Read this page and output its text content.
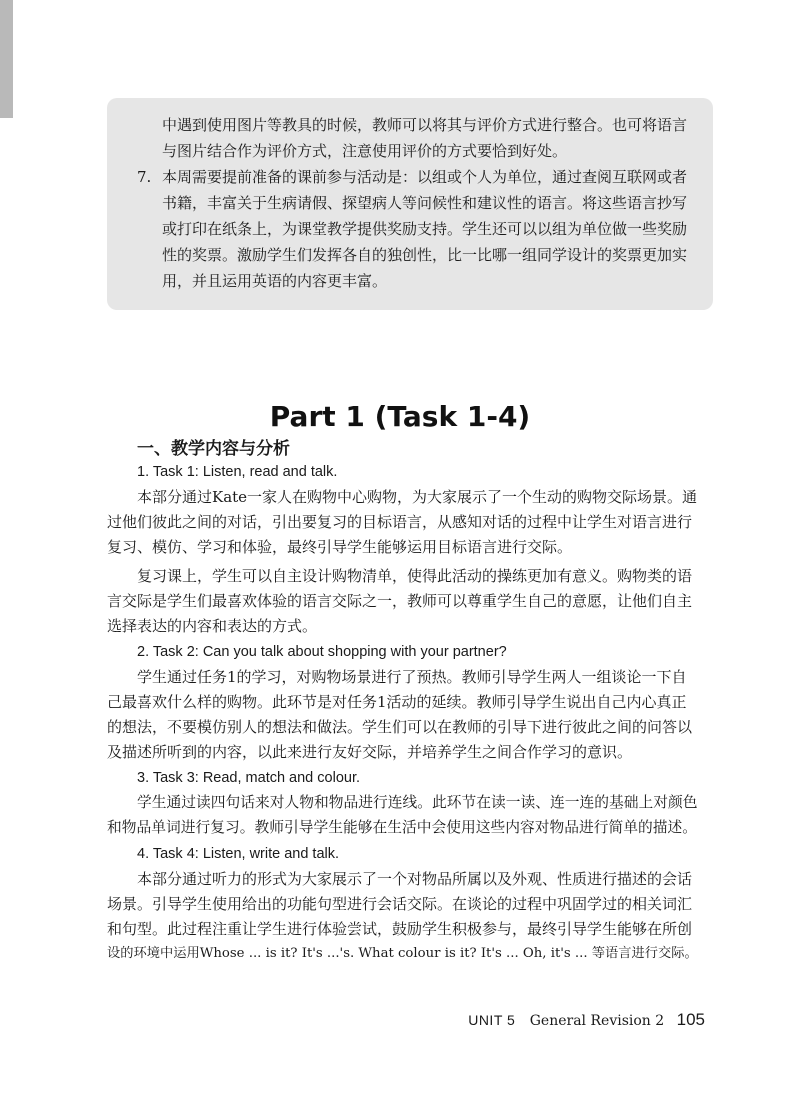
中遇到使用图片等教具的时候，教师可以将其与评价方式进行整合。也可将语言
与图片结合作为评价方式，注意使用评价的方式要恰到好处。
7. 本周需要提前准备的课前参与活动是：以组或个人为单位，通过查阅互联网或者
书籍，丰富关于生病请假、探望病人等问候性和建议性的语言。将这些语言抄写
或打印在纸条上，为课堂教学提供奖励支持。学生还可以以组为单位做一些奖励
性的奖票。激励学生们发挥各自的独创性，比一比哪一组同学设计的奖票更加实
用，并且运用英语的内容更丰富。
Part 1 (Task 1-4)
一、教学内容与分析
1. Task 1: Listen, read and talk.
本部分通过Kate一家人在购物中心购物，为大家展示了一个生动的购物交际场景。通
过他们彼此之间的对话，引出要复习的目标语言，从感知对话的过程中让学生对语言进行
复习、模仿、学习和体验，最终引导学生能够运用目标语言进行交际。
复习课上，学生可以自主设计购物清单，使得此活动的操练更加有意义。购物类的语
言交际是学生们最喜欢体验的语言交际之一，教师可以尊重学生自己的意愿，让他们自主
选择表达的内容和表达的方式。
2. Task 2: Can you talk about shopping with your partner?
学生通过任务1的学习，对购物场景进行了预热。教师引导学生两人一组谈论一下自
己最喜欢什么样的购物。此环节是对任务1活动的延续。教师引导学生说出自己内心真正
的想法，不要模仿别人的想法和做法。学生们可以在教师的引导下进行彼此之间的问答以
及描述所听到的内容，以此来进行友好交际，并培养学生之间合作学习的意识。
3. Task 3: Read, match and colour.
学生通过读四句话来对人物和物品进行连线。此环节在读一读、连一连的基础上对颜色
和物品单词进行复习。教师引导学生能够在生活中会使用这些内容对物品进行简单的描述。
4. Task 4: Listen, write and talk.
本部分通过听力的形式为大家展示了一个对物品所属以及外观、性质进行描述的会话
场景。引导学生使用给出的功能句型进行会话交际。在谈论的过程中巩固学过的相关词汇
和句型。此过程注重让学生进行体验尝试，鼓励学生积极参与，最终引导学生能够在所创
设的环境中运用Whose ... is it? It's ...'s. What colour is it? It's ... Oh, it's ... 等语言进行交际。
UNIT 5 General Revision 2 105
